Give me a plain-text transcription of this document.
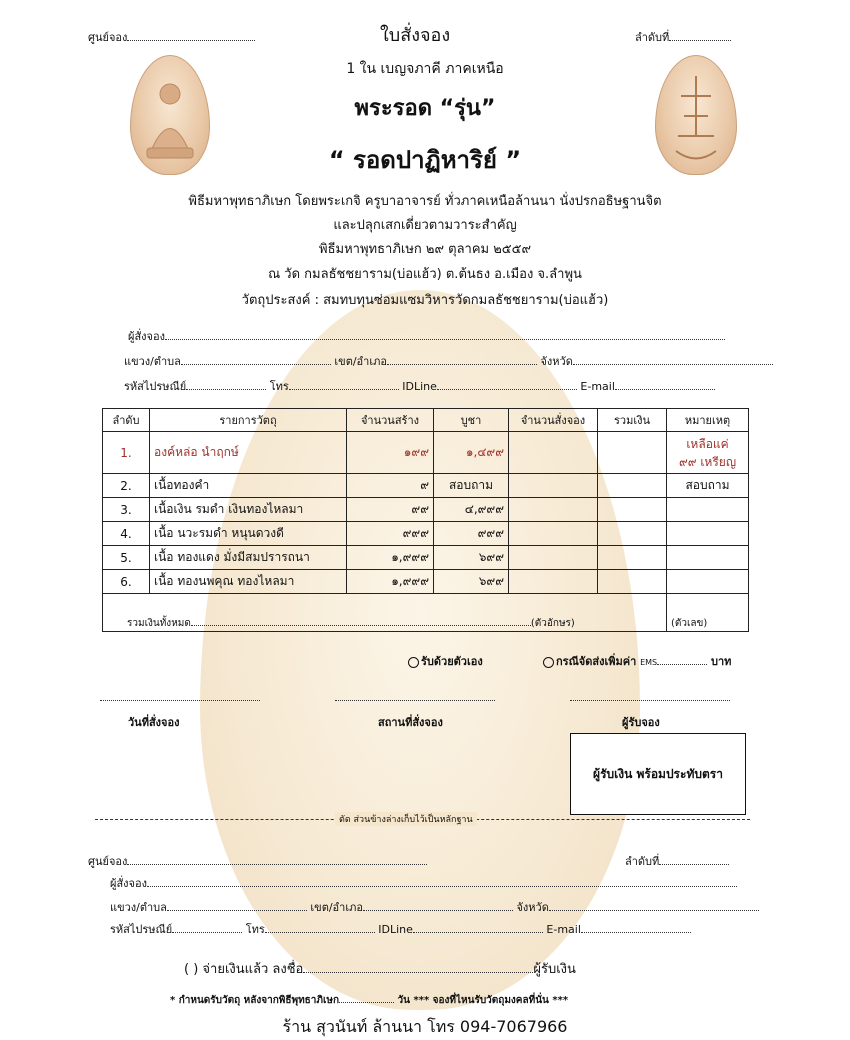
ศูนย์จอง	ใบสั่งจอง	ลำดับที่
1 ใน เบญจภาคี ภาคเหนือ
พระรอด “รุ่น”
“ รอดปาฏิหาริย์ ”
พิธีมหาพุทธาภิเษก โดยพระเกจิ ครูบาอาจารย์ ทั่วภาคเหนือล้านนา นั่งปรกอธิษฐานจิต
และปลุกเสกเดี่ยวตามวาระสำคัญ
พิธีมหาพุทธาภิเษก ๒๙ ตุลาคม ๒๕๕๙
ณ วัด กมลธัชชยาราม(บ่อแฮ้ว) ต.ต้นธง อ.เมือง จ.ลำพูน
วัตถุประสงค์ : สมทบทุนซ่อมแซมวิหารวัดกมลธัชชยาราม(บ่อแฮ้ว)
ผู้สั่งจอง
แขวง/ตำบล	เขต/อำเภอ	จังหวัด
รหัสไปรษณีย์	โทร	IDLine	E-mail
ลำดับ	รายการวัตถุ	จำนวนสร้าง	บูชา	จำนวนสั่งจอง	รวมเงิน	หมายเหตุ
1.	องค์หล่อ นำฤกษ์	๑๙๙	๑,๔๙๙			เหลือแค่
๙๙ เหรียญ

2.	เนื้อทองคำ	๙	สอบถาม			สอบถาม
3.	เนื้อเงิน รมดำ เงินทองไหลมา	๙๙	๔,๙๙๙			
4.	เนื้อ นวะรมดำ หนุนดวงดี	๙๙๙	๙๙๙			
5.	เนื้อ ทองแดง มั่งมีสมปรารถนา	๑,๙๙๙	๖๙๙			
6.	เนื้อ ทองนพคุณ ทองไหลมา	๑,๙๙๙	๖๙๙			
รวมเงินทั้งหมด (ตัวอักษร)						(ตัวเลข)
รับด้วยตัวเอง	กรณีจัดส่งเพิ่มค่า EMS	บาท
วันที่สั่งจอง	สถานที่สั่งจอง	ผู้รับจอง
ผู้รับเงิน พร้อมประทับตรา
ตัด ส่วนข้างล่างเก็บไว้เป็นหลักฐาน
ศูนย์จอง	ลำดับที่
ผู้สั่งจอง
แขวง/ตำบล	เขต/อำเภอ	จังหวัด
รหัสไปรษณีย์	โทร	IDLine	E-mail
( ) จ่ายเงินแล้ว ลงชื่อ	ผู้รับเงิน
* กำหนดรับวัตถุ หลังจากพิธีพุทธาภิเษก	วัน *** จองที่ไหนรับวัตถุมงคลที่นั่น ***
ร้าน สุวนันท์ ล้านนา โทร 094-7067966
